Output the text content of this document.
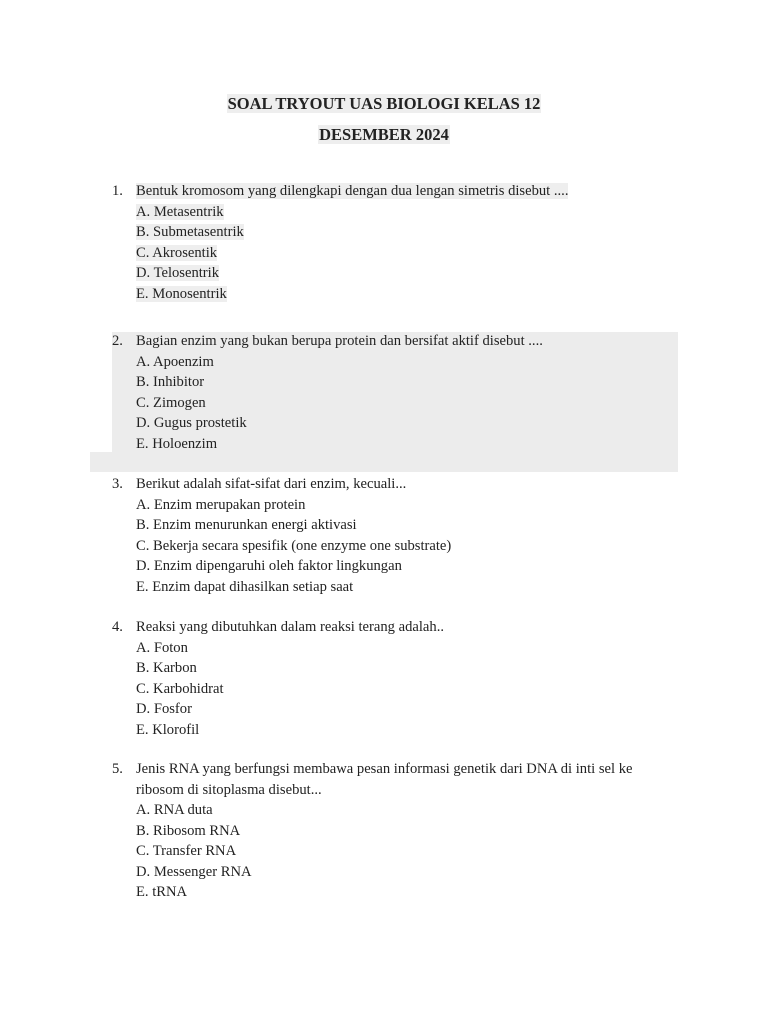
SOAL TRYOUT UAS BIOLOGI KELAS 12
DESEMBER 2024
1. Bentuk kromosom yang dilengkapi dengan dua lengan simetris disebut ....
A. Metasentrik
B. Submetasentrik
C. Akrosentik
D. Telosentrik
E. Monosentrik
2. Bagian enzim yang bukan berupa protein dan bersifat aktif disebut ....
A. Apoenzim
B. Inhibitor
C. Zimogen
D. Gugus prostetik
E. Holoenzim
3. Berikut adalah sifat-sifat dari enzim, kecuali...
A. Enzim merupakan protein
B. Enzim menurunkan energi aktivasi
C. Bekerja secara spesifik (one enzyme one substrate)
D. Enzim dipengaruhi oleh faktor lingkungan
E. Enzim dapat dihasilkan setiap saat
4. Reaksi yang dibutuhkan dalam reaksi terang adalah..
A. Foton
B. Karbon
C. Karbohidrat
D. Fosfor
E. Klorofil
5. Jenis RNA yang berfungsi membawa pesan informasi genetik dari DNA di inti sel ke
ribosom di sitoplasma disebut...
A. RNA duta
B. Ribosom RNA
C. Transfer RNA
D. Messenger RNA
E. tRNA
